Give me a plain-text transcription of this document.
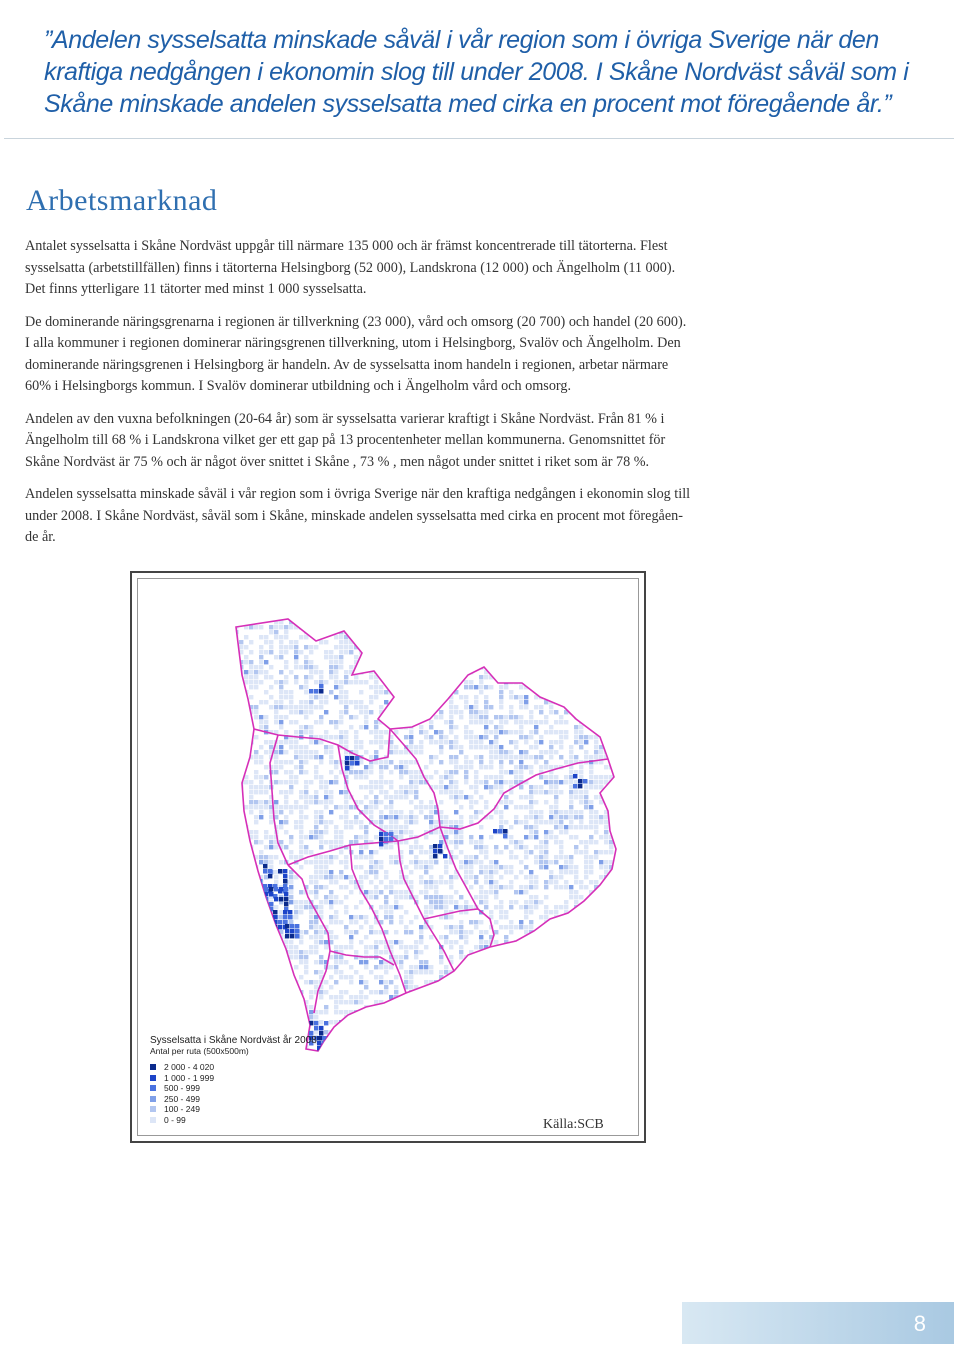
”Andelen sysselsatta minskade såväl i vår region som i övriga Sverige när den
kraftiga nedgången i ekonomin slog till under 2008. I Skåne Nordväst såväl som i
Skåne minskade andelen sysselsatta med cirka en procent mot föregående år.”
Arbetsmarknad

Antalet sysselsatta i Skåne Nordväst uppgår till närmare 135 000 och är främst koncentrerade till tätorterna. Flest
sysselsatta (arbetstillfällen) finns i tätorterna Helsingborg (52 000), Landskrona (12 000) och Ängelholm (11 000).
Det finns ytterligare 11 tätorter med minst 1 000 sysselsatta.

De dominerande näringsgrenarna i regionen är tillverkning (23 000), vård och omsorg (20 700) och handel (20 600).
I alla kommuner i regionen dominerar näringsgrenen tillverkning, utom i Helsingborg, Svalöv och Ängelholm. Den
dominerande näringsgrenen i Helsingborg är handeln. Av de sysselsatta inom handeln i regionen, arbetar närmare
60% i Helsingborgs kommun. I Svalöv dominerar utbildning och i Ängelholm vård och omsorg.

Andelen av den vuxna befolkningen (20-64 år) som är sysselsatta varierar kraftigt i Skåne Nordväst. Från 81 % i
Ängelholm till 68 % i Landskrona vilket ger ett gap på 13 procentenheter mellan kommunerna. Genomsnittet för
Skåne Nordväst är 75 % och är något över snittet i Skåne , 73 % , men något under snittet i riket som är 78 %.

Andelen sysselsatta minskade såväl i vår region som i övriga Sverige när den kraftiga nedgången i ekonomin slog till
under 2008. I Skåne Nordväst, såväl som i Skåne, minskade andelen sysselsatta med cirka en procent mot föregåen-
de år.

Sysselsatta i Skåne Nordväst år 2008
Antal per ruta (500x500m)
2 000 - 4 020
1 000 - 1 999
500 - 999
250 - 499
100 - 249
0 - 99	Källa:SCB
8
